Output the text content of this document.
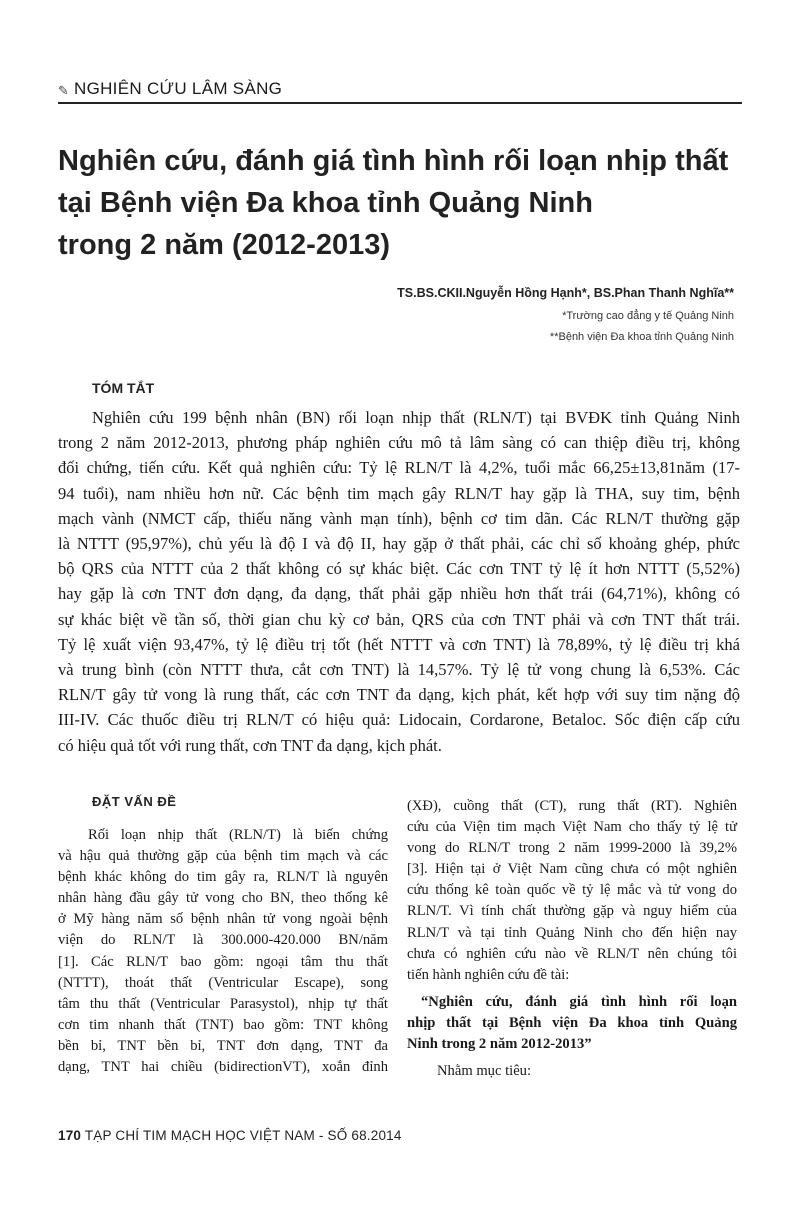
✎ NGHIÊN CỨU LÂM SÀNG
Nghiên cứu, đánh giá tình hình rối loạn nhịp thất
tại Bệnh viện Đa khoa tỉnh Quảng Ninh
trong 2 năm (2012-2013)
TS.BS.CKII.Nguyễn Hồng Hạnh*, BS.Phan Thanh Nghĩa**
*Trường cao đẳng y tế Quảng Ninh
**Bệnh viện Đa khoa tỉnh Quảng Ninh
TÓM TẮT
Nghiên cứu 199 bệnh nhân (BN) rối loạn nhịp thất (RLN/T) tại BVĐK tỉnh Quảng Ninh
trong 2 năm 2012-2013, phương pháp nghiên cứu mô tả lâm sàng có can thiệp điều trị, không
đối chứng, tiến cứu. Kết quả nghiên cứu: Tỷ lệ RLN/T là 4,2%, tuổi mắc 66,25±13,81năm (17-
94 tuổi), nam nhiều hơn nữ. Các bệnh tim mạch gây RLN/T hay gặp là THA, suy tim, bệnh
mạch vành (NMCT cấp, thiếu năng vành mạn tính), bệnh cơ tim dãn. Các RLN/T thường gặp
là NTTT (95,97%), chủ yếu là độ I và độ II, hay gặp ở thất phải, các chỉ số khoảng ghép, phức
bộ QRS của NTTT của 2 thất không có sự khác biệt. Các cơn TNT tỷ lệ ít hơn NTTT (5,52%)
hay gặp là cơn TNT đơn dạng, đa dạng, thất phải gặp nhiều hơn thất trái (64,71%), không có
sự khác biệt về tần số, thời gian chu kỳ cơ bản, QRS của cơn TNT phải và cơn TNT thất trái.
Tỷ lệ xuất viện 93,47%, tỷ lệ điều trị tốt (hết NTTT và cơn TNT) là 78,89%, tỷ lệ điều trị khá
và trung bình (còn NTTT thưa, cắt cơn TNT) là 14,57%. Tỷ lệ tử vong chung là 6,53%. Các
RLN/T gây tử vong là rung thất, các cơn TNT đa dạng, kịch phát, kết hợp với suy tim nặng độ
III-IV. Các thuốc điều trị RLN/T có hiệu quả: Lidocain, Cordarone, Betaloc. Sốc điện cấp cứu
có hiệu quả tốt với rung thất, cơn TNT đa dạng, kịch phát.
ĐẶT VẤN ĐỀ
Rối loạn nhịp thất (RLN/T) là biến chứng
và hậu quả thường gặp của bệnh tim mạch và các
bệnh khác không do tim gây ra, RLN/T là nguyên
nhân hàng đầu gây tử vong cho BN, theo thống kê
ở Mỹ hàng năm số bệnh nhân tử vong ngoài bệnh
viện do RLN/T là 300.000-420.000 BN/năm
[1]. Các RLN/T bao gồm: ngoại tâm thu thất
(NTTT), thoát thất (Ventricular Escape), song
tâm thu thất (Ventricular Parasystol), nhịp tự thất
cơn tim nhanh thất (TNT) bao gồm: TNT không
bền bỉ, TNT bền bỉ, TNT đơn dạng, TNT đa
dạng, TNT hai chiều (bidirectionVT), xoắn đỉnh
(XĐ), cuồng thất (CT), rung thất (RT). Nghiên
cứu của Viện tim mạch Việt Nam cho thấy tỷ lệ tử
vong do RLN/T trong 2 năm 1999-2000 là 39,2%
[3]. Hiện tại ở Việt Nam cũng chưa có một nghiên
cứu thống kê toàn quốc về tỷ lệ mắc và tử vong do
RLN/T. Vì tính chất thường gặp và nguy hiểm của
RLN/T và tại tỉnh Quảng Ninh cho đến hiện nay
chưa có nghiên cứu nào về RLN/T nên chúng tôi
tiến hành nghiên cứu đề tài:
“Nghiên cứu, đánh giá tình hình rối loạn
nhịp thất tại Bệnh viện Đa khoa tỉnh Quảng
Ninh trong 2 năm 2012-2013”
Nhằm mục tiêu:
170 TẠP CHÍ TIM MẠCH HỌC VIỆT NAM - SỐ 68.2014
